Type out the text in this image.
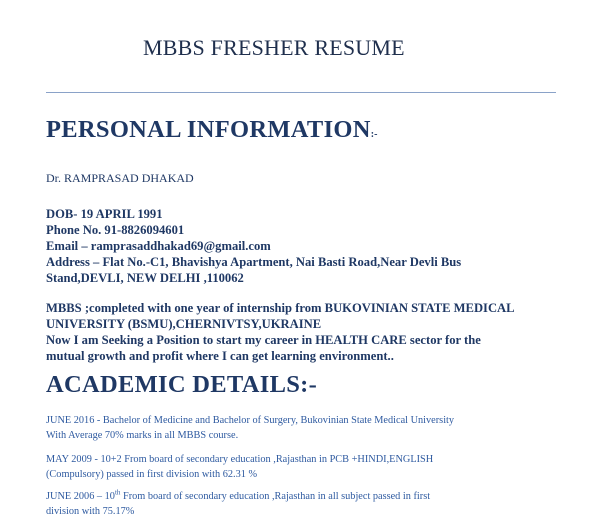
MBBS FRESHER RESUME
PERSONAL INFORMATION:-
Dr. RAMPRASAD DHAKAD
DOB- 19 APRIL 1991
Phone No. 91-8826094601
Email – ramprasaddhakad69@gmail.com
Address – Flat No.-C1, Bhavishya Apartment, Nai Basti Road,Near Devli Bus
Stand,DEVLI, NEW DELHI ,110062
MBBS ;completed with one year of internship from BUKOVINIAN STATE MEDICAL
UNIVERSITY (BSMU),CHERNIVTSY,UKRAINE
Now I am Seeking a Position to start my career in HEALTH CARE sector for the
mutual growth and profit where I can get learning environment..
ACADEMIC DETAILS:-
JUNE 2016 - Bachelor of Medicine and Bachelor of Surgery, Bukovinian State Medical University
With Average 70% marks in all MBBS course.
MAY 2009 - 10+2 From board of secondary education ,Rajasthan in PCB +HINDI,ENGLISH
(Compulsory) passed in first division with 62.31 %
JUNE 2006 – 10th From board of secondary education ,Rajasthan in all subject passed in first
division with 75.17%
